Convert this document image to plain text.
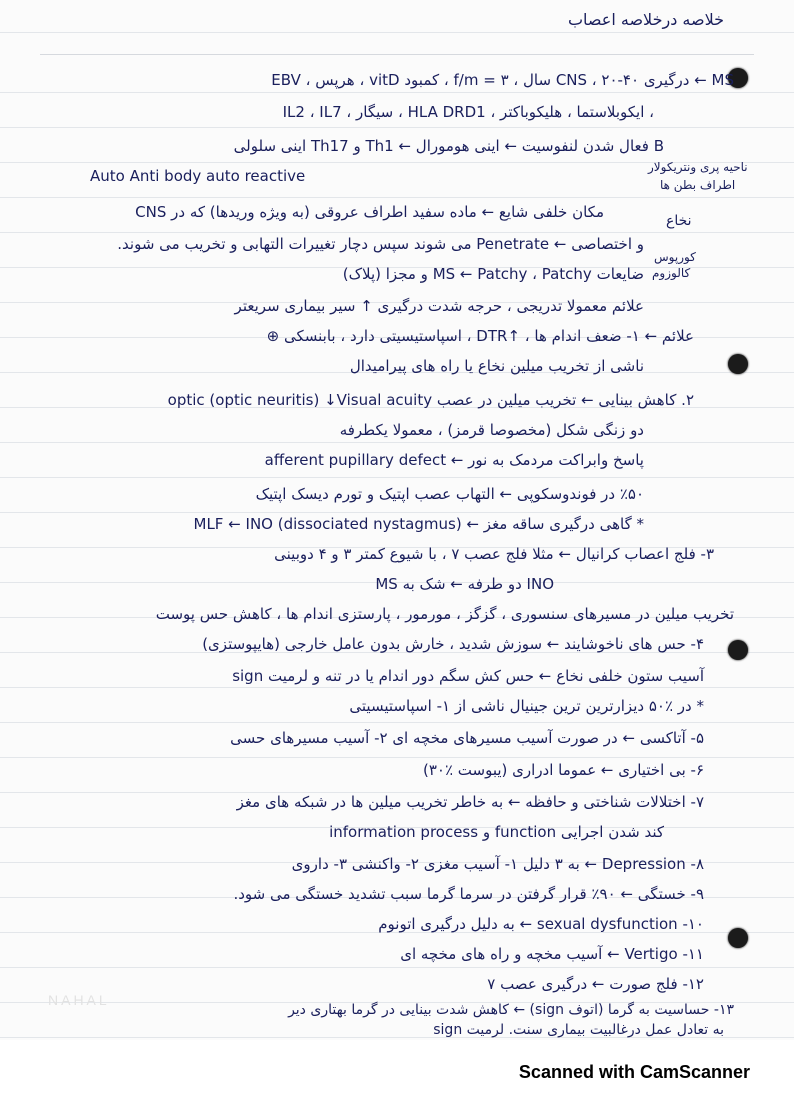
خلاصه درخلاصه اعصاب
MS ← درگیری CNS ، ۲۰-۴۰ سال ، f/m = ۳ ، کمبود vitD ، هرپس ، EBV
، ایکوبلاستما ، هلیکوباکتر ، HLA DRD1 ، سیگار ، IL2 ، IL7
B فعال شدن لنفوسیت ← اینی هومورال ← Th1 و Th17 اینی سلولی
Auto Anti body auto reactive
مکان خلفی شایع ← ماده سفید اطراف عروقی (به ویژه وریدها) که در CNS
و اختصاصی ← Penetrate می شوند سپس دچار تغییرات التهابی و تخریب می شوند.
ضایعات MS ← Patchy ، Patchy و مجزا (پلاک)
علائم معمولا تدریجی ، حرجه شدت درگیری ↑ سیر بیماری سریعتر
علائم ← ۱- ضعف اندام ها ، ↑DTR ، اسپاستیسیتی دارد ، بابنسکی ⊕
ناشی از تخریب میلین نخاع یا راه های پیرامیدال
۲. کاهش بینایی ← تخریب میلین در عصب optic (optic neuritis) ↓Visual acuity
دو زنگی شکل (مخصوصا قرمز) ، معمولا یکطرفه
پاسخ وابراکت مردمک به نور ← afferent pupillary defect
٪۵۰ در فوندوسکوپی ← التهاب عصب اپتیک و تورم دیسک اپتیک
* گاهی درگیری ساقه مغز ← MLF ← INO (dissociated nystagmus)
۳- فلج اعصاب کرانیال ← مثلا فلج عصب ۷ ، با شیوع کمتر ۳ و ۴ دوبینی
INO دو طرفه ← شک به MS
تخریب میلین در مسیرهای سنسوری ، گزگز ، مورمور ، پارستزی اندام ها ، کاهش حس پوست
۴- حس های ناخوشایند ← سوزش شدید ، خارش بدون عامل خارجی (هایپوستزی)
آسیب ستون خلفی نخاع ← حس کش سگم دور اندام یا در تنه و لرمیت sign
* در ٪۵۰ دیزارترین ترین جینیال ناشی از ۱- اسپاستیسیتی
۵- آتاکسی ← در صورت آسیب مسیرهای مخچه ای ۲- آسیب مسیرهای حسی
۶- بی اختیاری ← عموما ادراری (یبوست ٪۳۰)
۷- اختلالات شناختی و حافظه ← به خاطر تخریب میلین ها در شبکه های مغز
کند شدن اجرایی function و information process
۸- Depression ← به ۳ دلیل ۱- آسیب مغزی ۲- واکنشی ۳- داروی
۹- خستگی ← ۹۰٪ قرار گرفتن در سرما گرما سبب تشدید خستگی می شود.
۱۰- sexual dysfunction ← به دلیل درگیری اتونوم
۱۱- Vertigo ← آسیب مخچه و راه های مخچه ای
۱۲- فلج صورت ← درگیری عصب ۷
۱۳- حساسیت به گرما (اتوف sign) ← کاهش شدت بینایی در گرما بهتاری دیر
به تعادل عمل درغالبیت بیماری سنت. لرمیت sign
ناحیه پری ونتریکولار
اطراف بطن ها
نخاع
کورپوس
کالوزوم
NAHAL
Scanned with CamScanner
